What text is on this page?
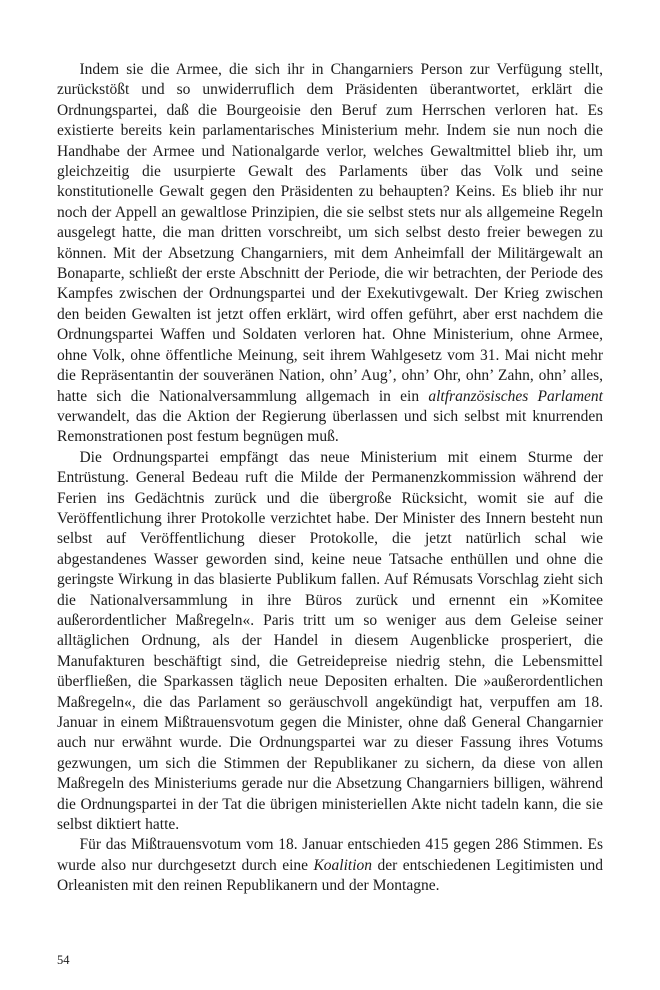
Indem sie die Armee, die sich ihr in Changarniers Person zur Verfügung stellt, zurückstößt und so unwiderruflich dem Präsidenten überantwortet, erklärt die Ordnungspartei, daß die Bourgeoisie den Beruf zum Herrschen verloren hat. Es existierte bereits kein parlamentarisches Ministerium mehr. Indem sie nun noch die Handhabe der Armee und Nationalgarde verlor, welches Gewaltmittel blieb ihr, um gleichzeitig die usurpierte Gewalt des Parlaments über das Volk und seine konstitutionelle Gewalt gegen den Präsidenten zu behaupten? Keins. Es blieb ihr nur noch der Appell an gewaltlose Prinzipien, die sie selbst stets nur als allgemeine Regeln ausgelegt hatte, die man dritten vorschreibt, um sich selbst desto freier bewegen zu können. Mit der Absetzung Changarniers, mit dem Anheimfall der Militärgewalt an Bonaparte, schließt der erste Abschnitt der Periode, die wir betrachten, der Periode des Kampfes zwischen der Ordnungspartei und der Exekutivgewalt. Der Krieg zwischen den beiden Gewalten ist jetzt offen erklärt, wird offen geführt, aber erst nachdem die Ordnungspartei Waffen und Soldaten verloren hat. Ohne Ministerium, ohne Armee, ohne Volk, ohne öffentliche Meinung, seit ihrem Wahlgesetz vom 31. Mai nicht mehr die Repräsentantin der souveränen Nation, ohn’ Aug’, ohn’ Ohr, ohn’ Zahn, ohn’ alles, hatte sich die Nationalversammlung allgemach in ein altfranzösisches Parlament verwandelt, das die Aktion der Regierung überlassen und sich selbst mit knurrenden Remonstrationen post festum begnügen muß.

Die Ordnungspartei empfängt das neue Ministerium mit einem Sturme der Entrüstung. General Bedeau ruft die Milde der Permanenzkommission während der Ferien ins Gedächtnis zurück und die übergroße Rücksicht, womit sie auf die Veröffentlichung ihrer Protokolle verzichtet habe. Der Minister des Innern besteht nun selbst auf Veröffentlichung dieser Protokolle, die jetzt natürlich schal wie abgestandenes Wasser geworden sind, keine neue Tatsache enthüllen und ohne die geringste Wirkung in das blasierte Publikum fallen. Auf Rémusats Vorschlag zieht sich die Nationalversammlung in ihre Büros zurück und ernennt ein »Komitee außerordentlicher Maßregeln«. Paris tritt um so weniger aus dem Geleise seiner alltäglichen Ordnung, als der Handel in diesem Augenblicke prosperiert, die Manufakturen beschäftigt sind, die Getreidepreise niedrig stehn, die Lebensmittel überfließen, die Sparkassen täglich neue Depositen erhalten. Die »außerordentlichen Maßregeln«, die das Parlament so geräuschvoll angekündigt hat, verpuffen am 18. Januar in einem Mißtrauensvotum gegen die Minister, ohne daß General Changarnier auch nur erwähnt wurde. Die Ordnungspartei war zu dieser Fassung ihres Votums gezwungen, um sich die Stimmen der Republikaner zu sichern, da diese von allen Maßregeln des Ministeriums gerade nur die Absetzung Changarniers billigen, während die Ordnungspartei in der Tat die übrigen ministeriellen Akte nicht tadeln kann, die sie selbst diktiert hatte.

Für das Mißtrauensvotum vom 18. Januar entschieden 415 gegen 286 Stimmen. Es wurde also nur durchgesetzt durch eine Koalition der entschiedenen Legitimisten und Orleanisten mit den reinen Republikanern und der Montagne.

54
